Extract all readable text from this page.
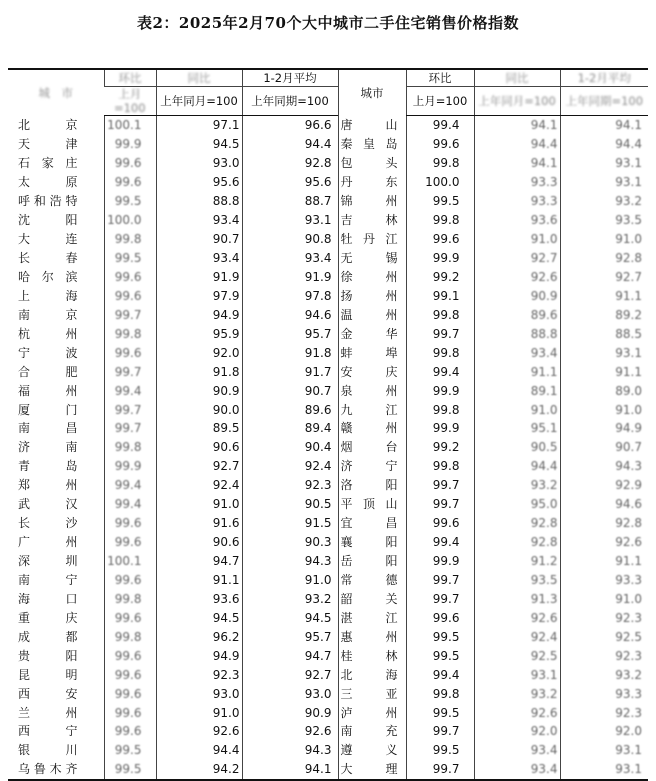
表2：2025年2月70个大中城市二手住宅销售价格指数
城　市	环比	同比	1-2月平均	城市	环比	同比	1-2月平均
	上月=100	上年同月=100	上年同期=100		上月=100	上年同月=100	上年同期=100
北京	100.1	97.1	96.6	唐山	99.4	94.1	94.1
天津	99.9	94.5	94.4	秦皇岛	99.6	94.4	94.4
石家庄	99.6	93.0	92.8	包头	99.8	94.1	93.1
太原	99.6	95.6	95.6	丹东	100.0	93.3	93.1
呼和浩特	99.5	88.8	88.7	锦州	99.5	93.3	93.2
沈阳	100.0	93.4	93.1	吉林	99.8	93.6	93.5
大连	99.8	90.7	90.8	牡丹江	99.6	91.0	91.0
长春	99.5	93.4	93.4	无锡	99.9	92.7	92.8
哈尔滨	99.6	91.9	91.9	徐州	99.2	92.6	92.7
上海	99.6	97.9	97.8	扬州	99.1	90.9	91.1
南京	99.7	94.9	94.6	温州	99.8	89.6	89.2
杭州	99.8	95.9	95.7	金华	99.7	88.8	88.5
宁波	99.6	92.0	91.8	蚌埠	99.8	93.4	93.1
合肥	99.7	91.8	91.7	安庆	99.4	91.1	91.1
福州	99.4	90.9	90.7	泉州	99.9	89.1	89.0
厦门	99.7	90.0	89.6	九江	99.8	91.0	91.0
南昌	99.7	89.5	89.4	赣州	99.9	95.1	94.9
济南	99.8	90.6	90.4	烟台	99.2	90.5	90.7
青岛	99.9	92.7	92.4	济宁	99.8	94.4	94.3
郑州	99.4	92.4	92.3	洛阳	99.7	93.2	92.9
武汉	99.4	91.0	90.5	平顶山	99.7	95.0	94.6
长沙	99.6	91.6	91.5	宜昌	99.6	92.8	92.8
广州	99.6	90.6	90.3	襄阳	99.4	92.8	92.6
深圳	100.1	94.7	94.3	岳阳	99.9	91.2	91.1
南宁	99.6	91.1	91.0	常德	99.7	93.5	93.3
海口	99.8	93.6	93.2	韶关	99.7	91.3	91.0
重庆	99.6	94.5	94.5	湛江	99.6	92.6	92.3
成都	99.8	96.2	95.7	惠州	99.5	92.4	92.5
贵阳	99.6	94.9	94.7	桂林	99.5	92.5	92.3
昆明	99.6	92.3	92.7	北海	99.4	93.1	93.2
西安	99.6	93.0	93.0	三亚	99.8	93.2	93.3
兰州	99.6	91.0	90.9	泸州	99.5	92.6	92.3
西宁	99.6	92.6	92.6	南充	99.7	92.0	92.0
银川	99.5	94.4	94.3	遵义	99.5	93.4	93.1
乌鲁木齐	99.5	94.2	94.1	大理	99.7	93.4	93.1
